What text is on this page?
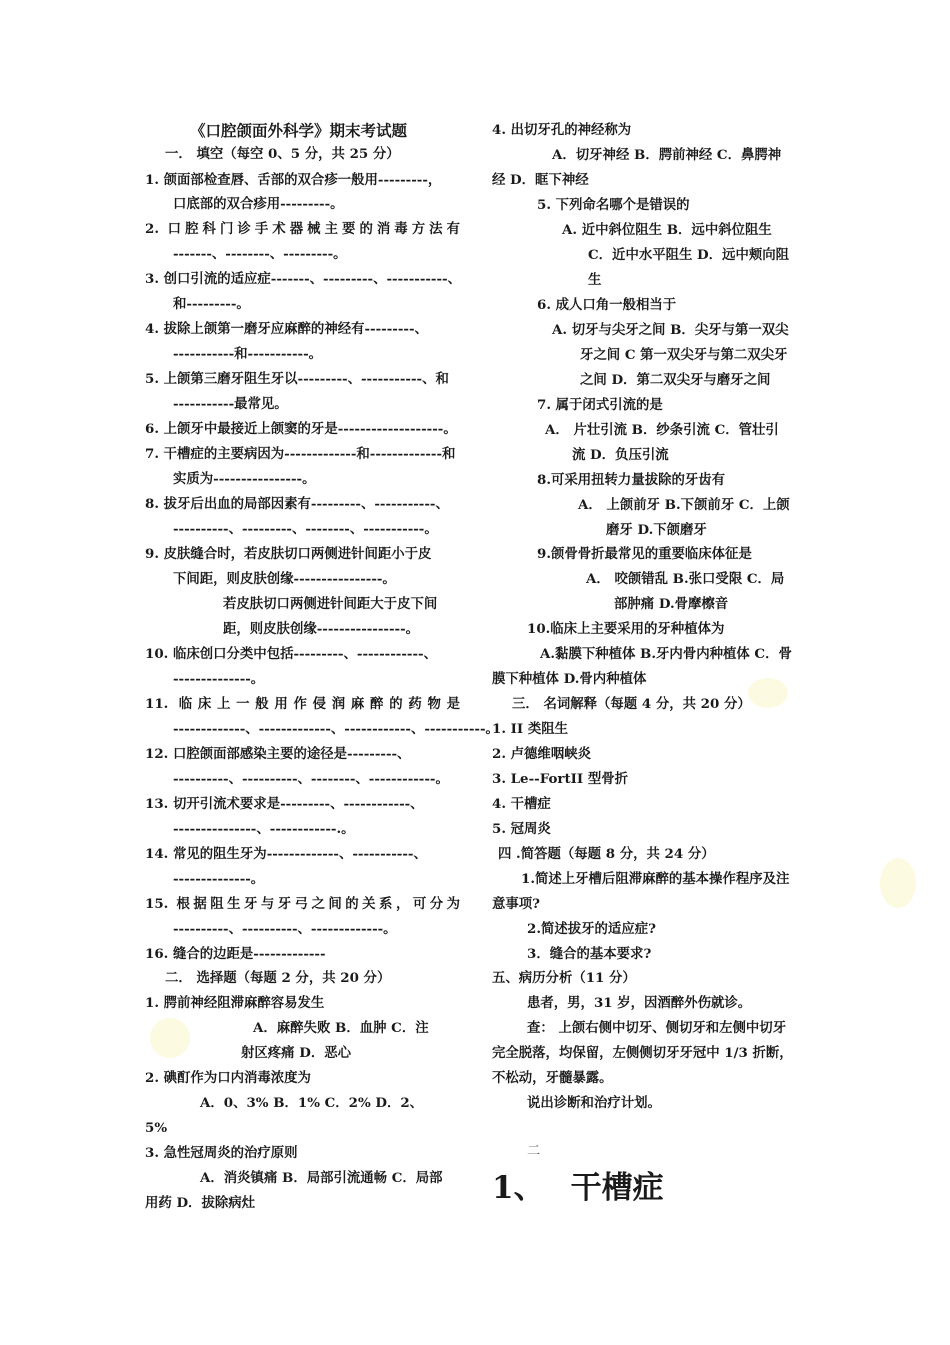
《口腔颌面外科学》期末考试题
一． 填空（每空 0、5 分，共 25 分）
1. 颌面部检查唇、舌部的双合疹一般用---------，
口底部的双合疹用---------。
2. 口腔科门诊手术器械主要的消毒方法有
-------、--------、---------。
3. 创口引流的适应症-------、---------、-----------、
和---------。
4. 拔除上颌第一磨牙应麻醉的神经有---------、
-----------和-----------。
5. 上颌第三磨牙阻生牙以---------、-----------、和
-----------最常见。
6. 上颌牙中最接近上颌窦的牙是-------------------。
7. 干槽症的主要病因为-------------和-------------和
实质为----------------。
8. 拔牙后出血的局部因素有---------、-----------、
----------、---------、--------、-----------。
9. 皮肤缝合时，若皮肤切口两侧进针间距小于皮
下间距，则皮肤创缘----------------。
若皮肤切口两侧进针间距大于皮下间
距，则皮肤创缘----------------。
10. 临床创口分类中包括---------、------------、
--------------。
11. 临床上一般用作侵润麻醉的药物是
-------------、-------------、------------、-----------。
12. 口腔颌面部感染主要的途径是---------、
----------、----------、--------、------------。
13. 切开引流术要求是---------、------------、
---------------、------------.。
14. 常见的阻生牙为-------------、-----------、
--------------。
15. 根据阻生牙与牙弓之间的关系，可分为
----------、----------、-------------。
16. 缝合的边距是-------------
二． 选择题（每题 2 分，共 20 分）
1. 腭前神经阻滞麻醉容易发生
A．麻醉失败 B．血肿 C．注
射区疼痛 D．恶心
2. 碘酊作为口内消毒浓度为
A．0、3% B．1% C．2% D．2、
5%
3. 急性冠周炎的治疗原则
A．消炎镇痛 B．局部引流通畅 C．局部
用药 D．拔除病灶
4. 出切牙孔的神经称为
A．切牙神经 B．腭前神经 C．鼻腭神
经 D．眶下神经
5. 下列命名哪个是错误的
A. 近中斜位阻生 B．远中斜位阻生
C．近中水平阻生 D．远中颊向阻
生
6. 成人口角一般相当于
A. 切牙与尖牙之间 B．尖牙与第一双尖
牙之间 C 第一双尖牙与第二双尖牙
之间 D．第二双尖牙与磨牙之间
7. 属于闭式引流的是
A． 片壮引流 B．纱条引流 C．管壮引
流 D．负压引流
8.可采用扭转力量拔除的牙齿有
A． 上颌前牙 B.下颌前牙 C．上颌
磨牙 D.下颌磨牙
9.颌骨骨折最常见的重要临床体征是
A． 咬颌错乱 B.张口受限 C．局
部肿痛 D.骨摩檫音
10.临床上主要采用的牙种植体为
A.黏膜下种植体 B.牙内骨内种植体 C．骨
膜下种植体 D.骨内种植体
三． 名词解释（每题 4 分，共 20 分）
1. II 类阻生
2. 卢德维咽峡炎
3. Le--FortII 型骨折
4. 干槽症
5. 冠周炎
四 .简答题（每题 8 分，共 24 分）
1.简述上牙槽后阻滞麻醉的基本操作程序及注
意事项?
2.简述拔牙的适应症?
3．缝合的基本要求?
五、病历分析（11 分）
患者，男，31 岁，因酒醉外伤就诊。
查： 上颌右侧中切牙、侧切牙和左侧中切牙
完全脱落，均保留，左侧侧切牙牙冠中 1/3 折断，
不松动，牙髓暴露。
说出诊断和治疗计划。
二
1、 干槽症
